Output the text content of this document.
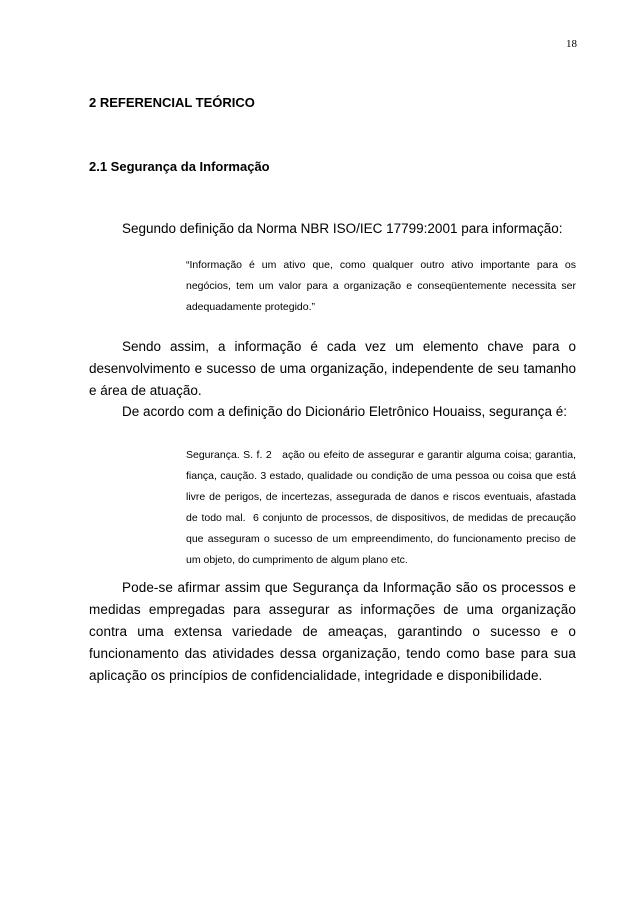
18
2 REFERENCIAL TEÓRICO
2.1 Segurança da Informação

Segundo definição da Norma NBR ISO/IEC 17799:2001 para informação:

“Informação é um ativo que, como qualquer outro ativo importante para os negócios, tem um valor para a organização e conseqüentemente necessita ser adequadamente protegido.”

Sendo assim, a informação é cada vez um elemento chave para o desenvolvimento e sucesso de uma organização, independente de seu tamanho e área de atuação.

De acordo com a definição do Dicionário Eletrônico Houaiss, segurança é:

Segurança. S. f. 2   ação ou efeito de assegurar e garantir alguma coisa; garantia, fiança, caução. 3 estado, qualidade ou condição de uma pessoa ou coisa que está livre de perigos, de incertezas, assegurada de danos e riscos eventuais, afastada de todo mal.  6 conjunto de processos, de dispositivos, de medidas de precaução que asseguram o sucesso de um empreendimento, do funcionamento preciso de um objeto, do cumprimento de algum plano etc.

Pode-se afirmar assim que Segurança da Informação são os processos e medidas empregadas para assegurar as informações de uma organização contra uma extensa variedade de ameaças, garantindo o sucesso e o funcionamento das atividades dessa organização, tendo como base para sua aplicação os princípios de confidencialidade, integridade e disponibilidade.
